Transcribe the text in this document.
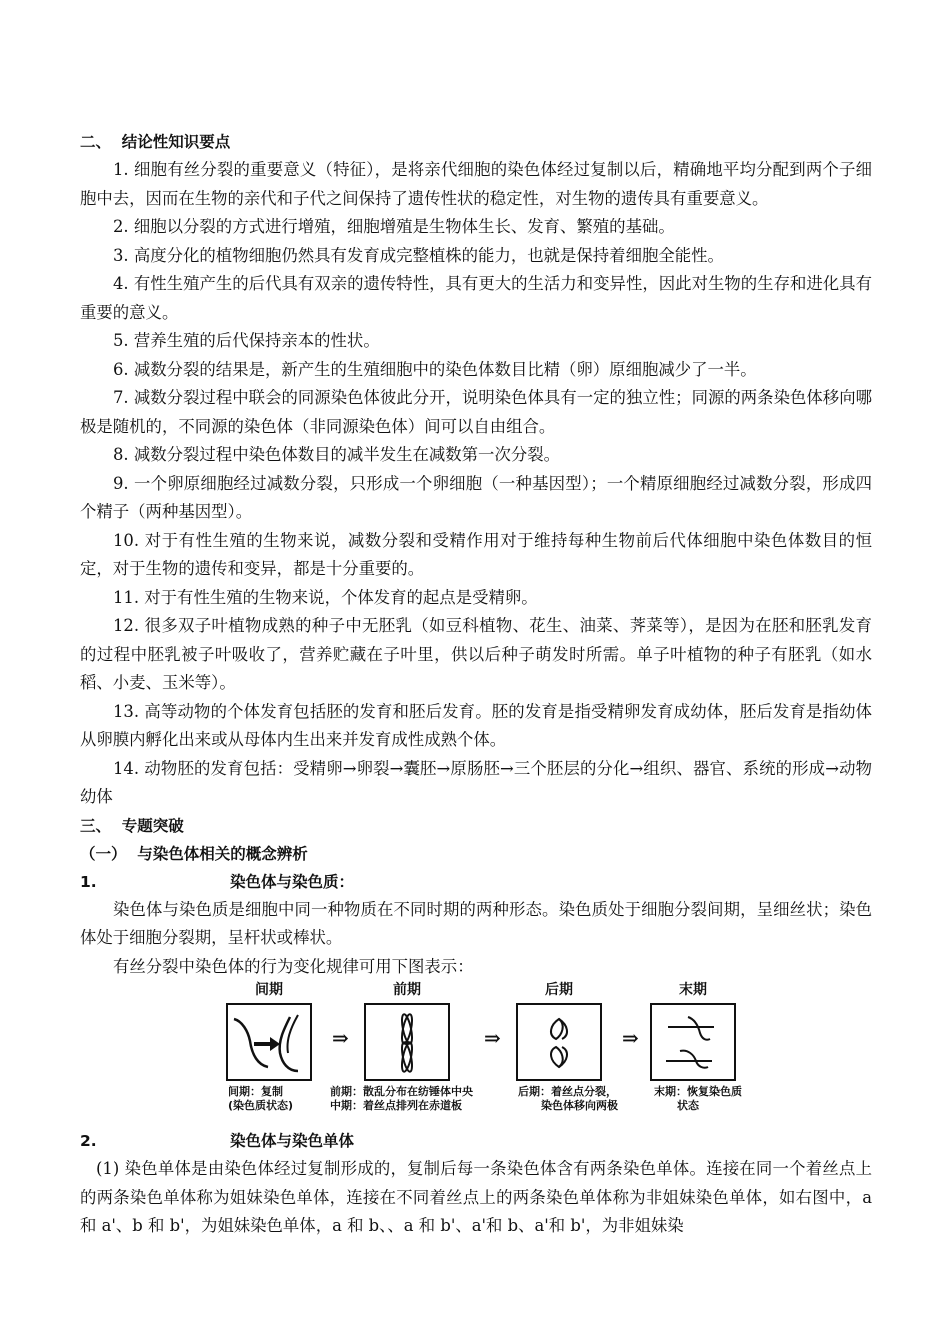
二、  结论性知识要点

1. 细胞有丝分裂的重要意义（特征），是将亲代细胞的染色体经过复制以后，精确地平均分配到两个子细胞中去，因而在生物的亲代和子代之间保持了遗传性状的稳定性，对生物的遗传具有重要意义。

2. 细胞以分裂的方式进行增殖，细胞增殖是生物体生长、发育、繁殖的基础。

3. 高度分化的植物细胞仍然具有发育成完整植株的能力，也就是保持着细胞全能性。

4. 有性生殖产生的后代具有双亲的遗传特性，具有更大的生活力和变异性，因此对生物的生存和进化具有重要的意义。

5. 营养生殖的后代保持亲本的性状。

6. 减数分裂的结果是，新产生的生殖细胞中的染色体数目比精（卵）原细胞减少了一半。

7. 减数分裂过程中联会的同源染色体彼此分开，说明染色体具有一定的独立性；同源的两条染色体移向哪极是随机的，不同源的染色体（非同源染色体）间可以自由组合。

8. 减数分裂过程中染色体数目的减半发生在减数第一次分裂。

9. 一个卵原细胞经过减数分裂，只形成一个卵细胞（一种基因型）；一个精原细胞经过减数分裂，形成四个精子（两种基因型）。

10. 对于有性生殖的生物来说，减数分裂和受精作用对于维持每种生物前后代体细胞中染色体数目的恒定，对于生物的遗传和变异，都是十分重要的。

11. 对于有性生殖的生物来说，个体发育的起点是受精卵。

12. 很多双子叶植物成熟的种子中无胚乳（如豆科植物、花生、油菜、荠菜等），是因为在胚和胚乳发育的过程中胚乳被子叶吸收了，营养贮藏在子叶里，供以后种子萌发时所需。单子叶植物的种子有胚乳（如水稻、小麦、玉米等）。

13. 高等动物的个体发育包括胚的发育和胚后发育。胚的发育是指受精卵发育成幼体，胚后发育是指幼体从卵膜内孵化出来或从母体内生出来并发育成性成熟个体。

14. 动物胚的发育包括：受精卵→卵裂→囊胚→原肠胚→三个胚层的分化→组织、器官、系统的形成→动物幼体

三、  专题突破
（一）  与染色体相关的概念辨析
1.	染色体与染色质：

染色体与染色质是细胞中同一种物质在不同时期的两种形态。染色质处于细胞分裂间期，呈细丝状；染色体处于细胞分裂期，呈杆状或棒状。

有丝分裂中染色体的行为变化规律可用下图表示：

间期
⇒
前期
⇒
后期
⇒
末期
间期：复制
(染色质状态)
前期：散乱分布在纺锤体中央
中期：着丝点排列在赤道板
后期：着丝点分裂，
染色体移向两极
末期：恢复染色质
状态
2.	染色体与染色单体

(1) 染色单体是由染色体经过复制形成的，复制后每一条染色体含有两条染色单体。连接在同一个着丝点上的两条染色单体称为姐妹染色单体，连接在不同着丝点上的两条染色单体称为非姐妹染色单体，如右图中，a 和 a'、b 和 b'，为姐妹染色单体，a 和 b、、a 和 b'、a'和 b、a'和 b'，为非姐妹染
